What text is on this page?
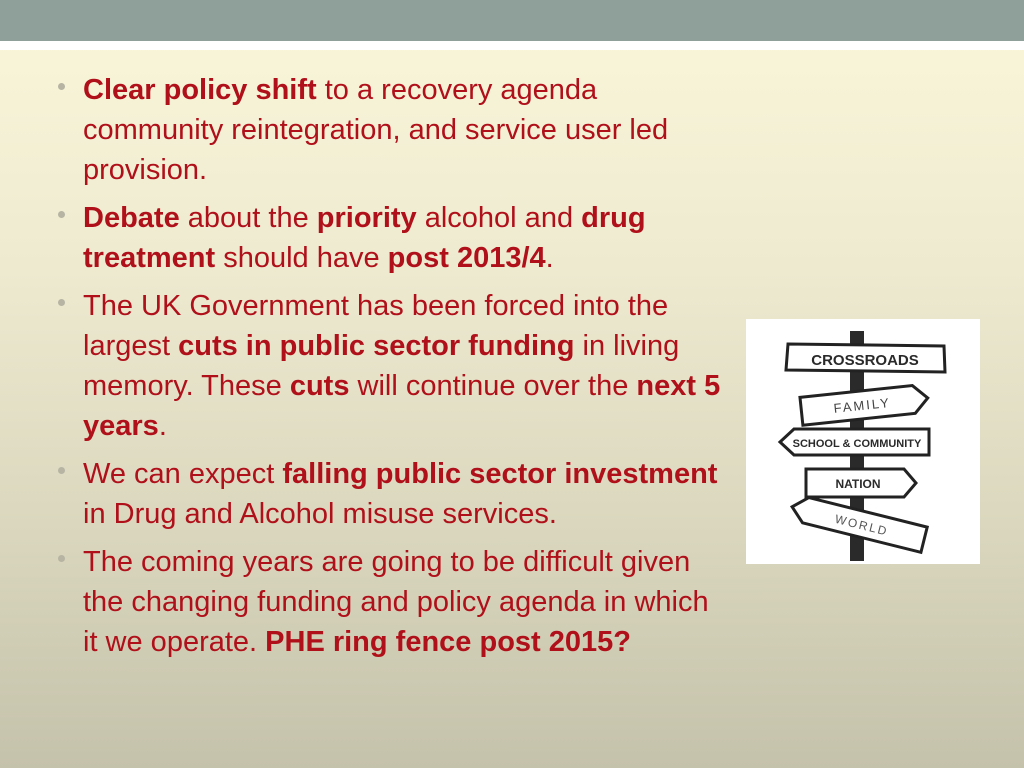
Clear policy shift to a recovery agenda community reintegration, and service user led provision.
Debate about the priority alcohol and drug treatment should have post 2013/4.
The UK Government has been forced into the largest cuts in public sector funding in living memory. These cuts will continue over the next 5 years.
We can expect falling public sector investment in Drug and Alcohol misuse services.
The coming years are going to be difficult given the changing funding and policy agenda in which it we operate. PHE ring fence post 2015?
CROSSROADS
FAMILY
SCHOOL & COMMUNITY
NATION
WORLD
